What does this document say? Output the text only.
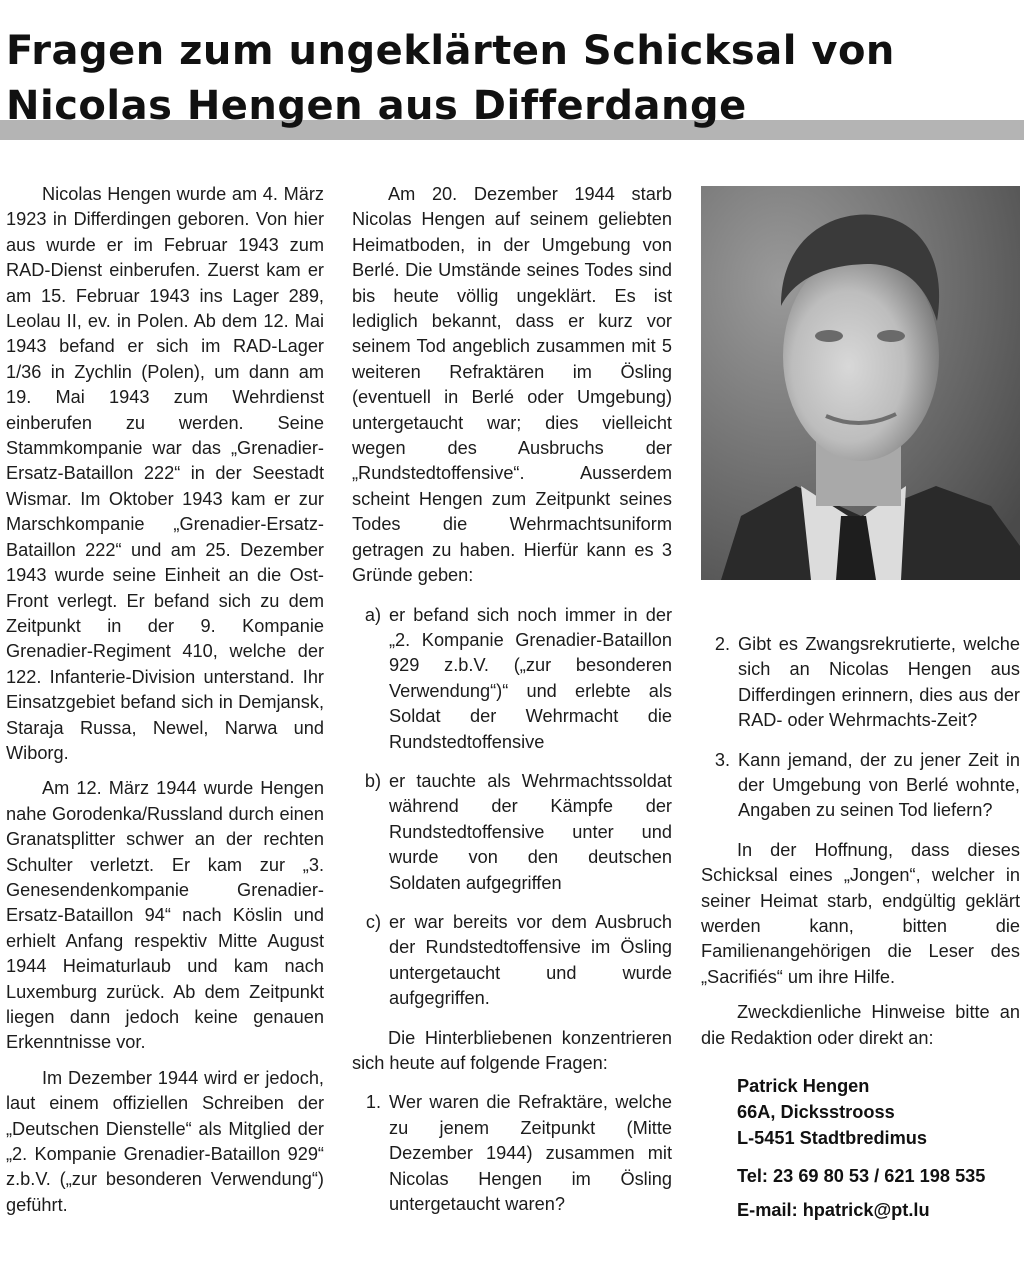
Fragen zum ungeklärten Schicksal von
Nicolas Hengen aus Differdange

Nicolas Hengen wurde am 4. März 1923 in Differdingen geboren. Von hier aus wurde er im Februar 1943 zum RAD-Dienst einberufen. Zuerst kam er am 15. Februar 1943 ins Lager 289, Leolau II, ev. in Polen. Ab dem 12. Mai 1943 befand er sich im RAD-Lager 1/36 in Zychlin (Polen), um dann am 19. Mai 1943 zum Wehrdienst einberufen zu werden. Seine Stammkompanie war das „Grenadier-Ersatz-Bataillon 222“ in der Seestadt Wismar. Im Oktober 1943 kam er zur Marschkompanie „Grenadier-Ersatz-Bataillon 222“ und am 25. Dezember 1943 wurde seine Einheit an die Ost-Front verlegt. Er befand sich zu dem Zeitpunkt in der 9. Kompanie Grenadier-Regiment 410, welche der 122. Infanterie-Division unterstand. Ihr Einsatzgebiet befand sich in Demjansk, Staraja Russa, Newel, Narwa und Wiborg.

Am 12. März 1944 wurde Hengen nahe Gorodenka/Russland durch einen Granatsplitter schwer an der rechten Schulter verletzt. Er kam zur „3. Genesendenkompanie Grenadier-Ersatz-Bataillon 94“ nach Köslin und erhielt Anfang respektiv Mitte August 1944 Heimaturlaub und kam nach Luxemburg zurück. Ab dem Zeitpunkt liegen dann jedoch keine genauen Erkenntnisse vor.

Im Dezember 1944 wird er jedoch, laut einem offiziellen Schreiben der „Deutschen Dienstelle“ als Mitglied der „2. Kompanie Grenadier-Bataillon 929“ z.b.V. („zur besonderen Verwendung“) geführt.

Am 20. Dezember 1944 starb Nicolas Hengen auf seinem geliebten Heimatboden, in der Umgebung von Berlé. Die Umstände seines Todes sind bis heute völlig ungeklärt. Es ist lediglich bekannt, dass er kurz vor seinem Tod angeblich zusammen mit 5 weiteren Refraktären im Ösling (eventuell in Berlé oder Umgebung) untergetaucht war; dies vielleicht wegen des Ausbruchs der „Rundstedtoffensive“. Ausserdem scheint Hengen zum Zeitpunkt seines Todes die Wehrmachtsuniform getragen zu haben. Hierfür kann es 3 Gründe geben:

a) er befand sich noch immer in der „2. Kompanie Grenadier-Bataillon 929 z.b.V. („zur besonderen Verwendung“)“ und erlebte als Soldat der Wehrmacht die Rundstedtoffensive
b) er tauchte als Wehrmachtssoldat während der Kämpfe der Rundstedtoffensive unter und wurde von den deutschen Soldaten aufgegriffen
c) er war bereits vor dem Ausbruch der Rundstedtoffensive im Ösling untergetaucht und wurde aufgegriffen.

Die Hinterbliebenen konzentrieren sich heute auf folgende Fragen:

1. Wer waren die Refraktäre, welche zu jenem Zeitpunkt (Mitte Dezember 1944) zusammen mit Nicolas Hengen im Ösling untergetaucht waren?
2. Gibt es Zwangsrekrutierte, welche sich an Nicolas Hengen aus Differdingen erinnern, dies aus der RAD- oder Wehrmachts-Zeit?
3. Kann jemand, der zu jener Zeit in der Umgebung von Berlé wohnte, Angaben zu seinen Tod liefern?

In der Hoffnung, dass dieses Schicksal eines „Jongen“, welcher in seiner Heimat starb, endgültig geklärt werden kann, bitten die Familienangehörigen die Leser des „Sacrifiés“ um ihre Hilfe.

Zweckdienliche Hinweise bitte an die Redaktion oder direkt an:

Patrick Hengen
66A, Dicksstrooss
L-5451 Stadtbredimus
Tel: 23 69 80 53 / 621 198 535
E-mail: hpatrick@pt.lu
